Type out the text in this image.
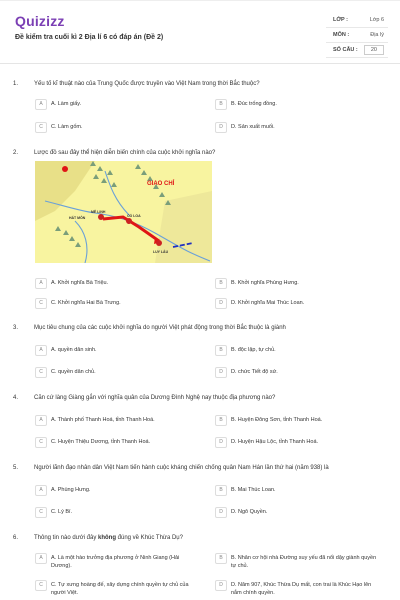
Quizizz
Đề kiểm tra cuối kì 2 Địa lí 6 có đáp án (Đề 2)
LỚP :	Lớp 6
MÔN :	Địa lý
SỐ CÂU :	20
1.	Yếu tố kĩ thuật nào của Trung Quốc được truyền vào Việt Nam trong thời Bắc thuộc?
A	A. Làm giấy.	B	B. Đúc trống đồng.
C	C. Làm gốm.	D	D. Sản xuất muối.
2.	Lược đồ sau đây thể hiện diễn biến chính của cuộc khởi nghĩa nào?
GIAO CHỈ
MÊ LINH
CỔ LOA
HÁT MÔN
LUY LÂU
A	A. Khởi nghĩa Bà Triệu.	B	B. Khởi nghĩa Phùng Hưng.
C	C. Khởi nghĩa Hai Bà Trưng.	D	D. Khởi nghĩa Mai Thúc Loan.
3.	Mục tiêu chung của các cuộc khởi nghĩa do người Việt phát động trong thời Bắc thuộc là giành
A	A. quyền dân sinh.	B	B. độc lập, tự chủ.
C	C. quyền dân chủ.	D	D. chức Tiết độ sứ.
4.	Căn cứ làng Giàng gắn với nghĩa quân của Dương Đình Nghệ nay thuộc địa phương nào?
A	A. Thành phố Thanh Hoá, tỉnh Thanh Hoá.	B	B. Huyện Đông Sơn, tỉnh Thanh Hoá.
C	C. Huyện Thiệu Dương, tỉnh Thanh Hoá.	D	D. Huyện Hậu Lộc, tỉnh Thanh Hoá.
5.	Người lãnh đạo nhân dân Việt Nam tiến hành cuộc kháng chiến chống quân Nam Hán lần thứ hai (năm 938) là
A	A. Phùng Hưng.	B	B. Mai Thúc Loan.
C	C. Lý Bí.	D	D. Ngô Quyền.
6.	Thông tin nào dưới đây không đúng về Khúc Thừa Dụ?
A	A. Là một hào trưởng địa phương ở Ninh Giang (Hải Dương).
B	B. Nhân cơ hội nhà Đường suy yếu đã nổi dậy giành quyền tự chủ.
C	C. Tự xưng hoàng đế, xây dựng chính quyền tự chủ của người Việt.
D	D. Năm 907, Khúc Thừa Dụ mất, con trai là Khúc Hạo lên nắm chính quyền.
